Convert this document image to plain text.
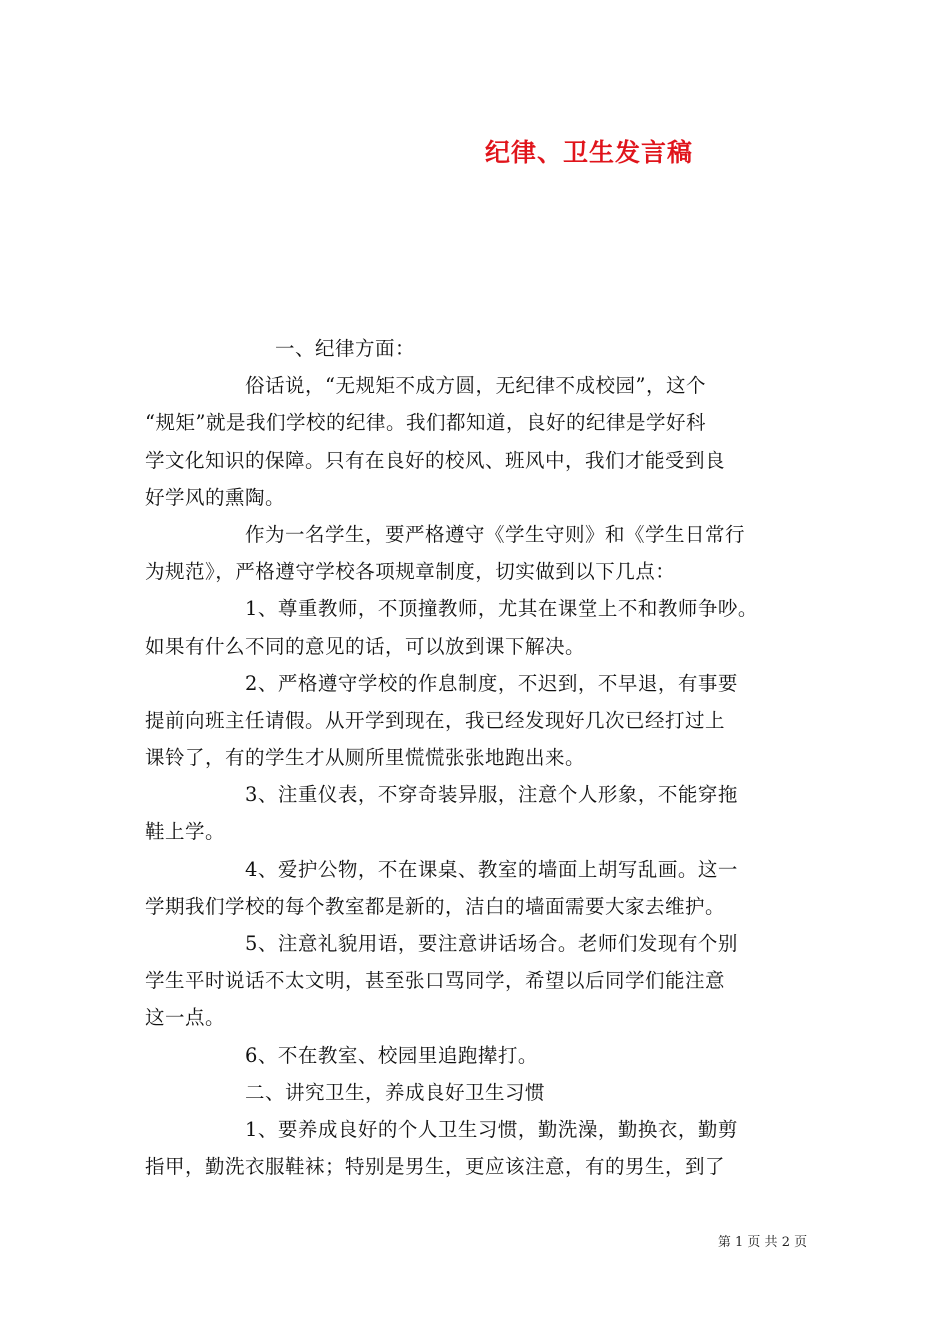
纪律、卫生发言稿
一、纪律方面：
俗话说，“无规矩不成方圆，无纪律不成校园”，这个
“规矩”就是我们学校的纪律。我们都知道，良好的纪律是学好科
学文化知识的保障。只有在良好的校风、班风中，我们才能受到良
好学风的熏陶。
作为一名学生，要严格遵守《学生守则》和《学生日常行
为规范》，严格遵守学校各项规章制度，切实做到以下几点：
1、尊重教师，不顶撞教师，尤其在课堂上不和教师争吵。
如果有什么不同的意见的话，可以放到课下解决。
2、严格遵守学校的作息制度，不迟到，不早退，有事要
提前向班主任请假。从开学到现在，我已经发现好几次已经打过上
课铃了，有的学生才从厕所里慌慌张张地跑出来。
3、注重仪表，不穿奇装异服，注意个人形象，不能穿拖
鞋上学。
4、爱护公物，不在课桌、教室的墙面上胡写乱画。这一
学期我们学校的每个教室都是新的，洁白的墙面需要大家去维护。
5、注意礼貌用语，要注意讲话场合。老师们发现有个别
学生平时说话不太文明，甚至张口骂同学，希望以后同学们能注意
这一点。
6、不在教室、校园里追跑撵打。
二、讲究卫生，养成良好卫生习惯
1、要养成良好的个人卫生习惯，勤洗澡，勤换衣，勤剪
指甲，勤洗衣服鞋袜；特别是男生，更应该注意，有的男生，到了
第 1 页 共 2 页
